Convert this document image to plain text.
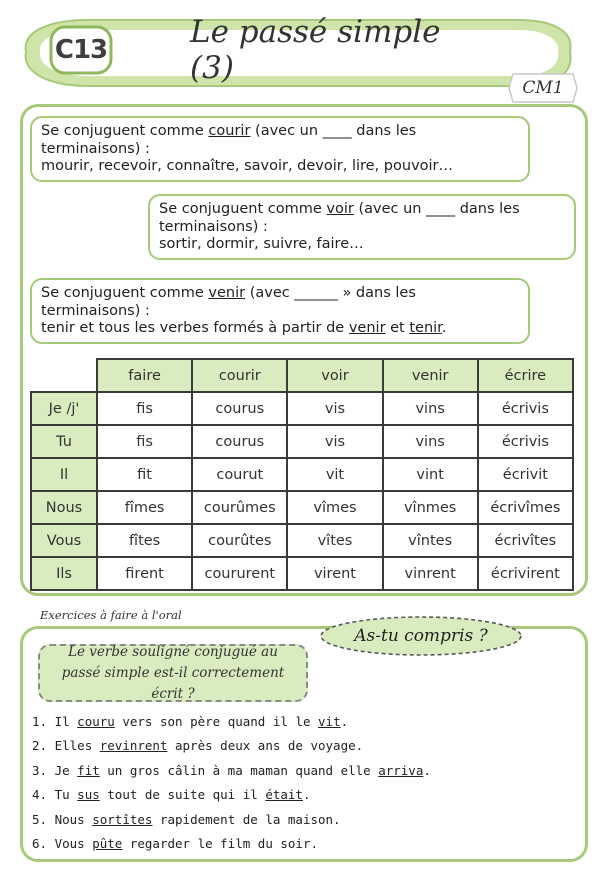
C13	Le passé simple (3)
CM1
Se conjuguent comme courir (avec un ____ dans les terminaisons) :
mourir, recevoir, connaître, savoir, devoir, lire, pouvoir…
Se conjuguent comme voir (avec un ____ dans les terminaisons) :
sortir, dormir, suivre, faire…
Se conjuguent comme venir (avec ______ » dans les terminaisons) :
tenir et tous les verbes formés à partir de venir et tenir.
	faire	courir	voir	venir	écrire
Je /j'	fis	courus	vis	vins	écrivis
Tu	fis	courus	vis	vins	écrivis
Il	fit	courut	vit	vint	écrivit
Nous	fîmes	courûmes	vîmes	vînmes	écrivîmes
Vous	fîtes	courûtes	vîtes	vîntes	écrivîtes
Ils	firent	coururent	virent	vinrent	écrivirent
Exercices à faire à l'oral
As-tu compris ?
Le verbe souligné conjugué au passé simple est-il correctement écrit ?
1. Il couru vers son père quand il le vit.
2. Elles revinrent après deux ans de voyage.
3. Je fit un gros câlin à ma maman quand elle arriva.
4. Tu sus tout de suite qui il était.
5. Nous sortîtes rapidement de la maison.
6. Vous pûte regarder le film du soir.
